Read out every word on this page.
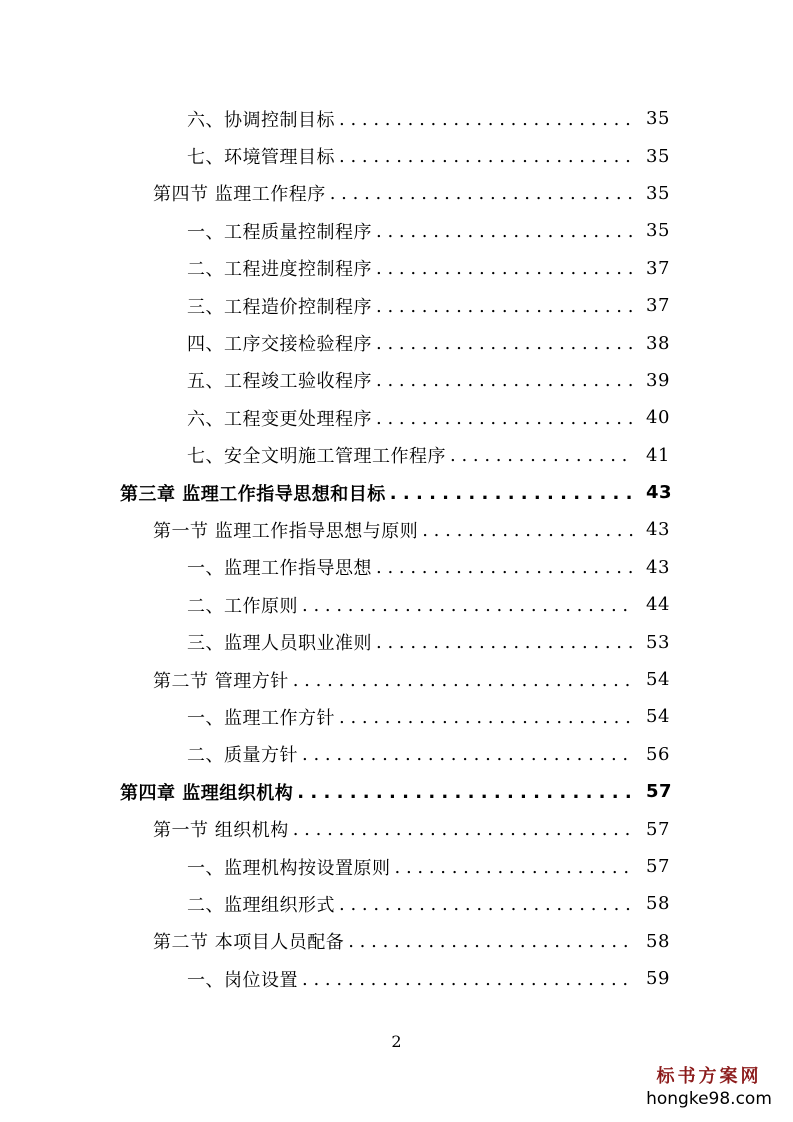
六、协调控制目标 . . .	35
七、环境管理目标 . . .	35
第四节 监理工作程序 . . .	35
一、工程质量控制程序 . . .	35
二、工程进度控制程序 . . .	37
三、工程造价控制程序 . . .	37
四、工序交接检验程序 . . .	38
五、工程竣工验收程序 . . .	39
六、工程变更处理程序 . . .	40
七、安全文明施工管理工作程序 . . .	41
第三章 监理工作指导思想和目标 . . .	43
第一节 监理工作指导思想与原则 . . .	43
一、监理工作指导思想 . . .	43
二、工作原则 . . .	44
三、监理人员职业准则 . . .	53
第二节 管理方针 . . .	54
一、监理工作方针 . . .	54
二、质量方针 . . .	56
第四章 监理组织机构 . . .	57
第一节 组织机构 . . .	57
一、监理机构按设置原则 . . .	57
二、监理组织形式 . . .	58
第二节 本项目人员配备 . . .	58
一、岗位设置 . . .	59
2
标书方案网
hongke98.com
